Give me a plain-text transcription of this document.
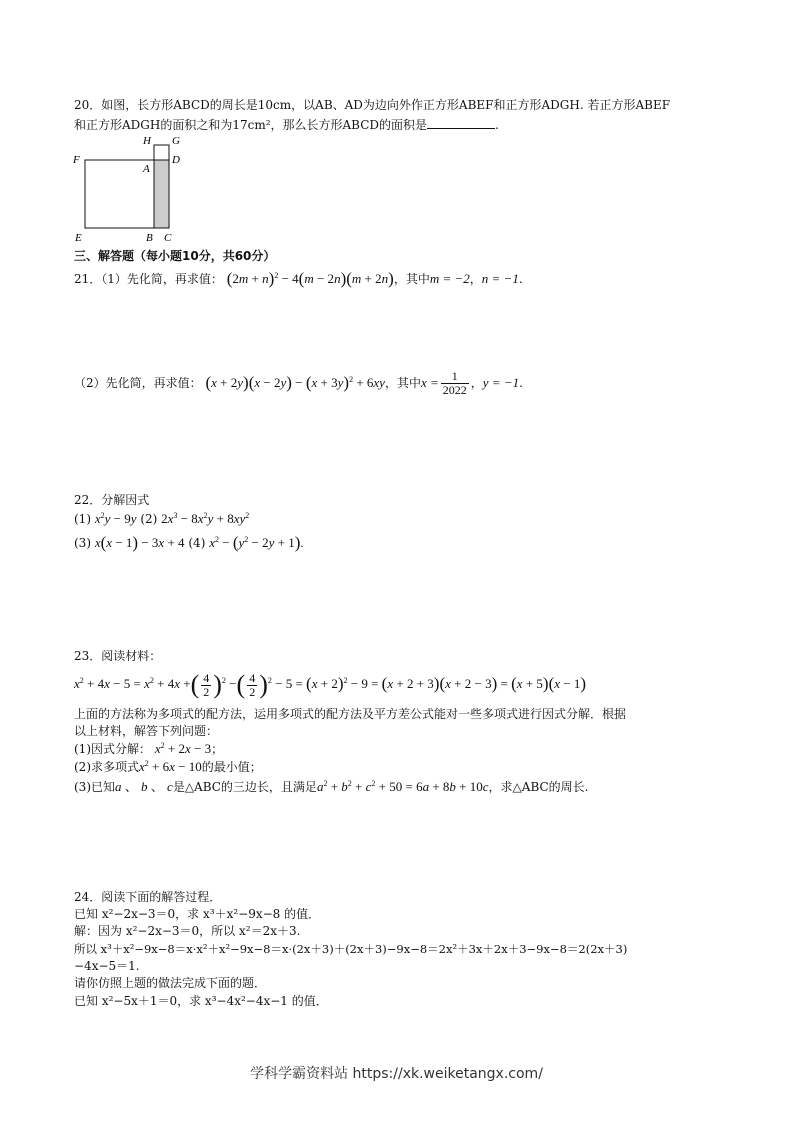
20．如图，长方形ABCD的周长是10cm，以AB、AD为边向外作正方形ABEF和正方形ADGH. 若正方形ABEF
和正方形ADGH的面积之和为17cm²，那么长方形ABCD的面积是	.
H G
F
A
D
E	B C
三、解答题（每小题10分，共60分）
21．（1）先化简，再求值： $(2m + n)^2 - 4(m - 2n)(m + 2n)$，其中m = −2，n = −1.
（2）先化简，再求值： $(x + 2y)(x - 2y) - (x + 3y)^2 + 6xy$，其中$x = \frac{1}{2022}$ ，y = −1.
22．分解因式
(1) $x^2y - 9y$ (2) $2x^3 - 8x^2y + 8xy^2$
(3) x(x − 1) − 3x + 4 (4) $x^2 - (y^2 - 2y + 1)$.
23．阅读材料：
$x^2 + 4x - 5 = x^2 + 4x$ +( $\frac{4}{2} )^2$ −( $\frac{4}{2} )^2 - 5 = (x + 2)^2 - 9 = (x + 2 + 3)(x + 2 - 3) = (x + 5)(x - 1)$
上面的方法称为多项式的配方法，运用多项式的配方法及平方差公式能对一些多项式进行因式分解．根据
以上材料，解答下列问题：
(1)因式分解： $x^2 + 2x - 3$；
(2)求多项式$x^2 + 6x - 10$的最小值；
(3)已知a 、 b 、 c是△ABC的三边长，且满足$a^2 + b^2 + c^2 + 50 = 6a + 8b + 10c$，求△ABC的周长.
24．阅读下面的解答过程．
已知 x²−2x−3＝0，求 x³＋x²−9x−8 的值．
解：因为 x²−2x−3＝0，所以 x²＝2x＋3.
所以 x³＋x²−9x−8＝x·x²＋x²−9x−8＝x·(2x＋3)＋(2x＋3)−9x−8＝2x²＋3x＋2x＋3−9x−8＝2(2x＋3)
−4x−5＝1.
请你仿照上题的做法完成下面的题．
已知 x²−5x＋1＝0，求 x³−4x²−4x−1 的值．
学科学霸资料站 https://xk.weiketangx.com/
